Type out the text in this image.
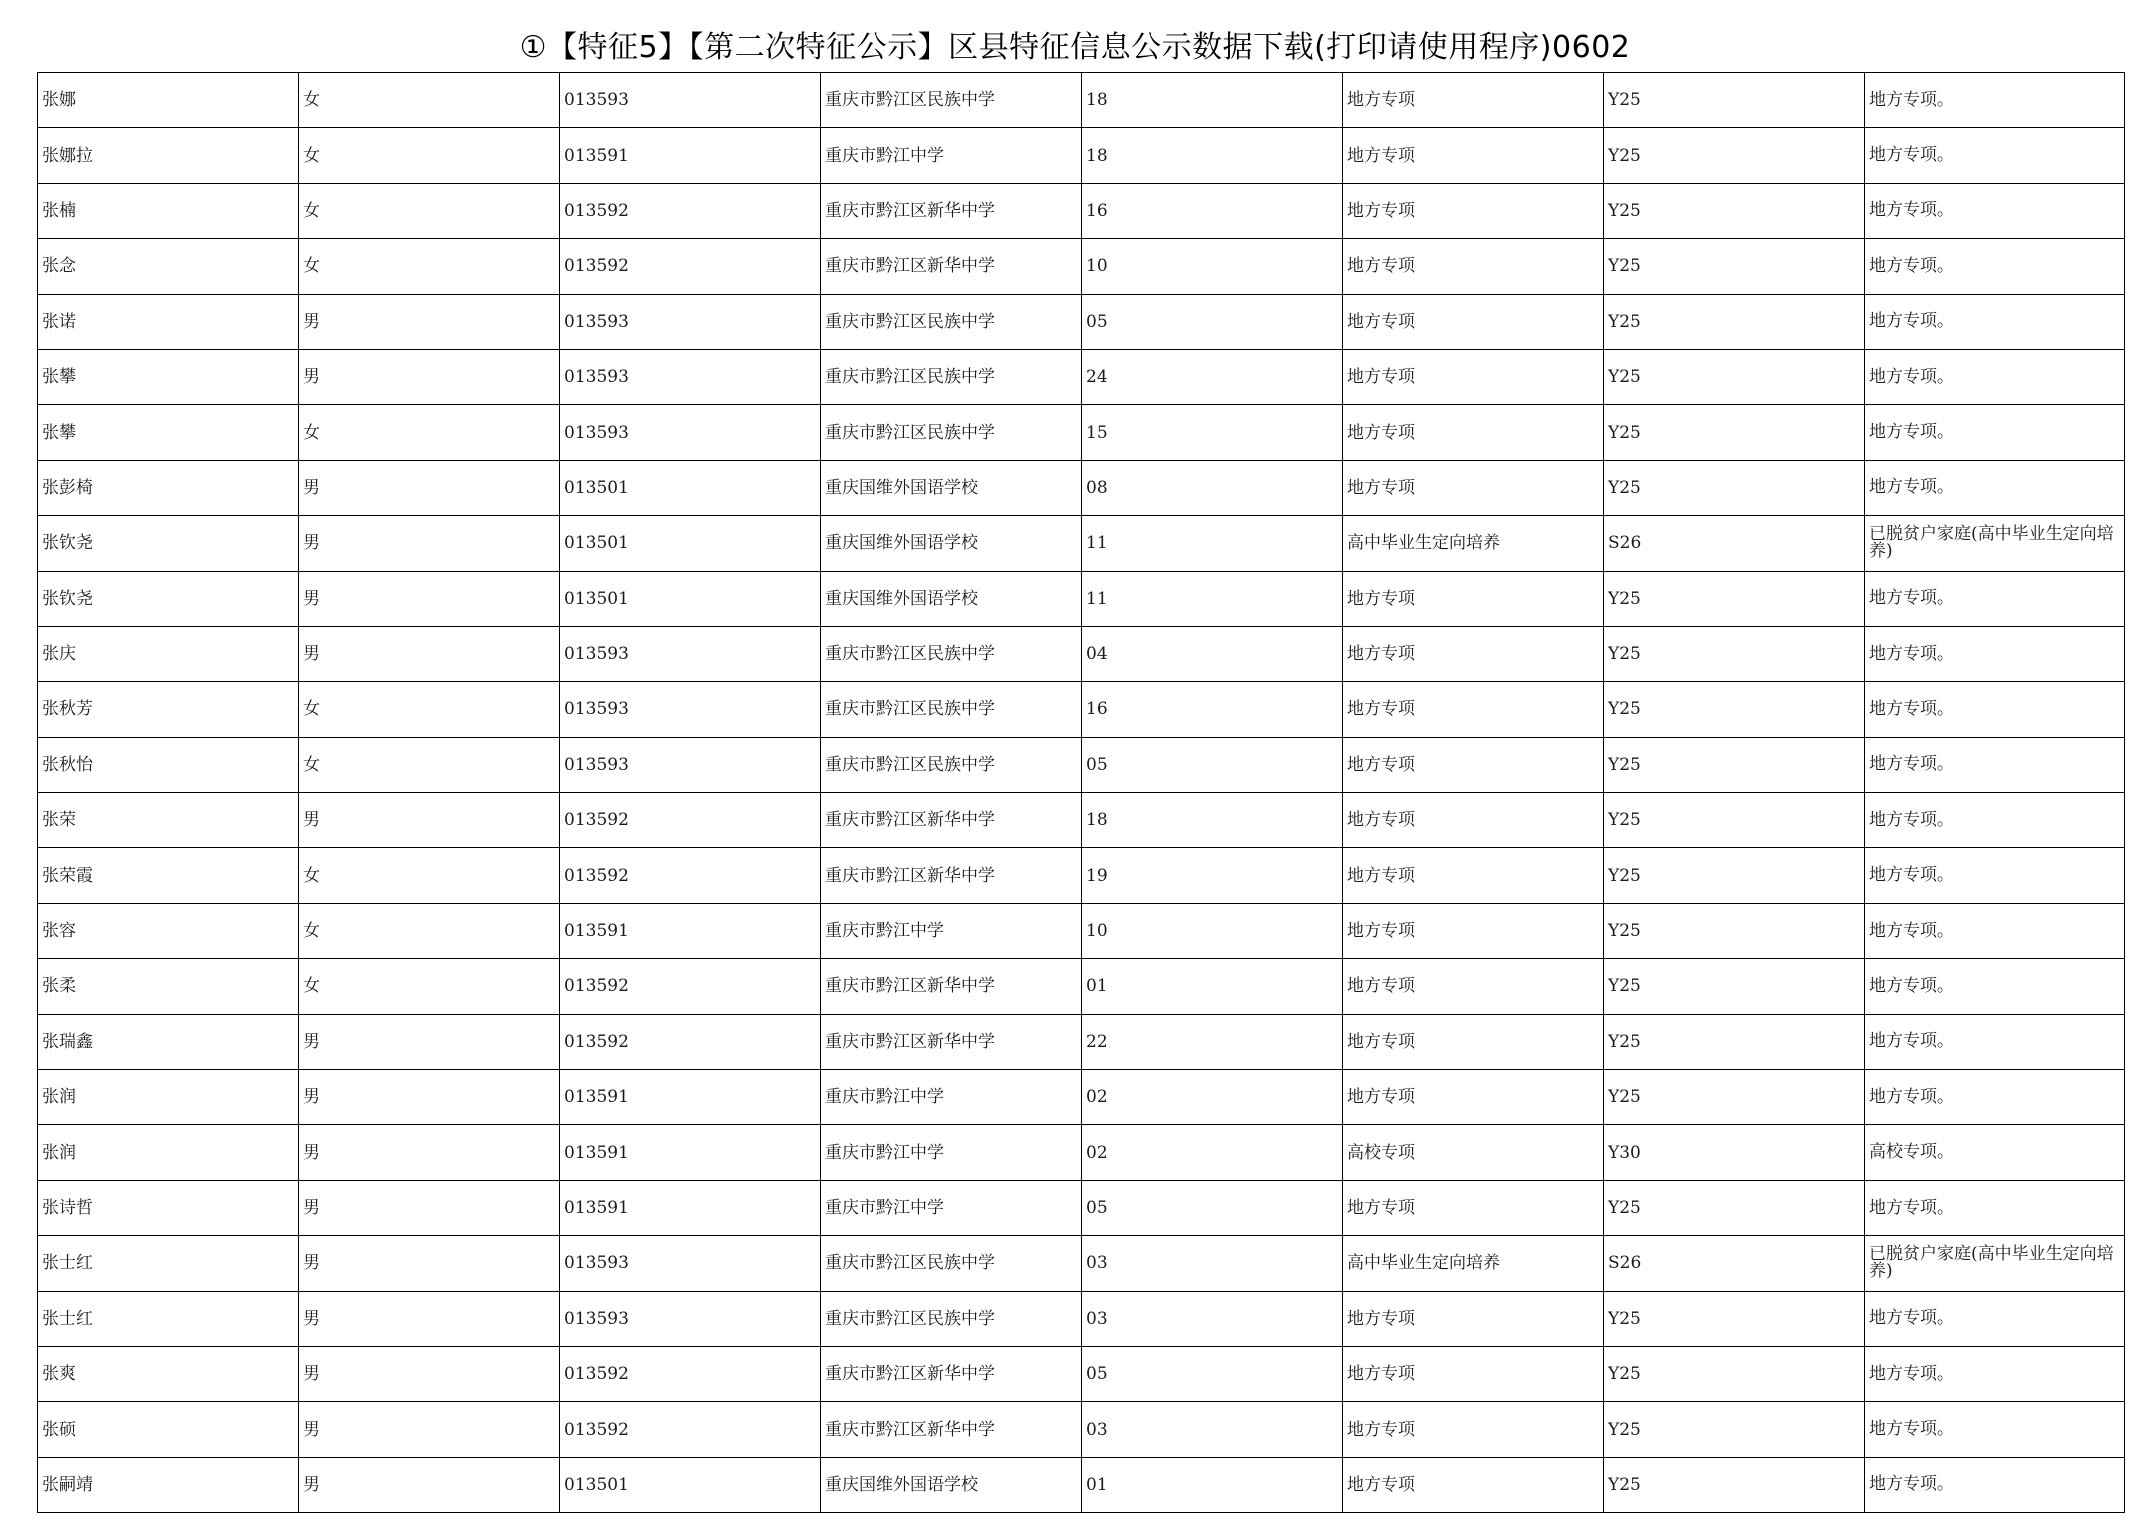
①【特征5】【第二次特征公示】区县特征信息公示数据下载(打印请使用程序)0602
张娜	女	013593	重庆市黔江区民族中学	18	地方专项	Y25	地方专项。
张娜拉	女	013591	重庆市黔江中学	18	地方专项	Y25	地方专项。
张楠	女	013592	重庆市黔江区新华中学	16	地方专项	Y25	地方专项。
张念	女	013592	重庆市黔江区新华中学	10	地方专项	Y25	地方专项。
张诺	男	013593	重庆市黔江区民族中学	05	地方专项	Y25	地方专项。
张攀	男	013593	重庆市黔江区民族中学	24	地方专项	Y25	地方专项。
张攀	女	013593	重庆市黔江区民族中学	15	地方专项	Y25	地方专项。
张彭椅	男	013501	重庆国维外国语学校	08	地方专项	Y25	地方专项。
张钦尧	男	013501	重庆国维外国语学校	11	高中毕业生定向培养	S26	已脱贫户家庭(高中毕业生定向培养)
张钦尧	男	013501	重庆国维外国语学校	11	地方专项	Y25	地方专项。
张庆	男	013593	重庆市黔江区民族中学	04	地方专项	Y25	地方专项。
张秋芳	女	013593	重庆市黔江区民族中学	16	地方专项	Y25	地方专项。
张秋怡	女	013593	重庆市黔江区民族中学	05	地方专项	Y25	地方专项。
张荣	男	013592	重庆市黔江区新华中学	18	地方专项	Y25	地方专项。
张荣霞	女	013592	重庆市黔江区新华中学	19	地方专项	Y25	地方专项。
张容	女	013591	重庆市黔江中学	10	地方专项	Y25	地方专项。
张柔	女	013592	重庆市黔江区新华中学	01	地方专项	Y25	地方专项。
张瑞鑫	男	013592	重庆市黔江区新华中学	22	地方专项	Y25	地方专项。
张润	男	013591	重庆市黔江中学	02	地方专项	Y25	地方专项。
张润	男	013591	重庆市黔江中学	02	高校专项	Y30	高校专项。
张诗哲	男	013591	重庆市黔江中学	05	地方专项	Y25	地方专项。
张士红	男	013593	重庆市黔江区民族中学	03	高中毕业生定向培养	S26	已脱贫户家庭(高中毕业生定向培养)
张士红	男	013593	重庆市黔江区民族中学	03	地方专项	Y25	地方专项。
张爽	男	013592	重庆市黔江区新华中学	05	地方专项	Y25	地方专项。
张硕	男	013592	重庆市黔江区新华中学	03	地方专项	Y25	地方专项。
张嗣靖	男	013501	重庆国维外国语学校	01	地方专项	Y25	地方专项。
